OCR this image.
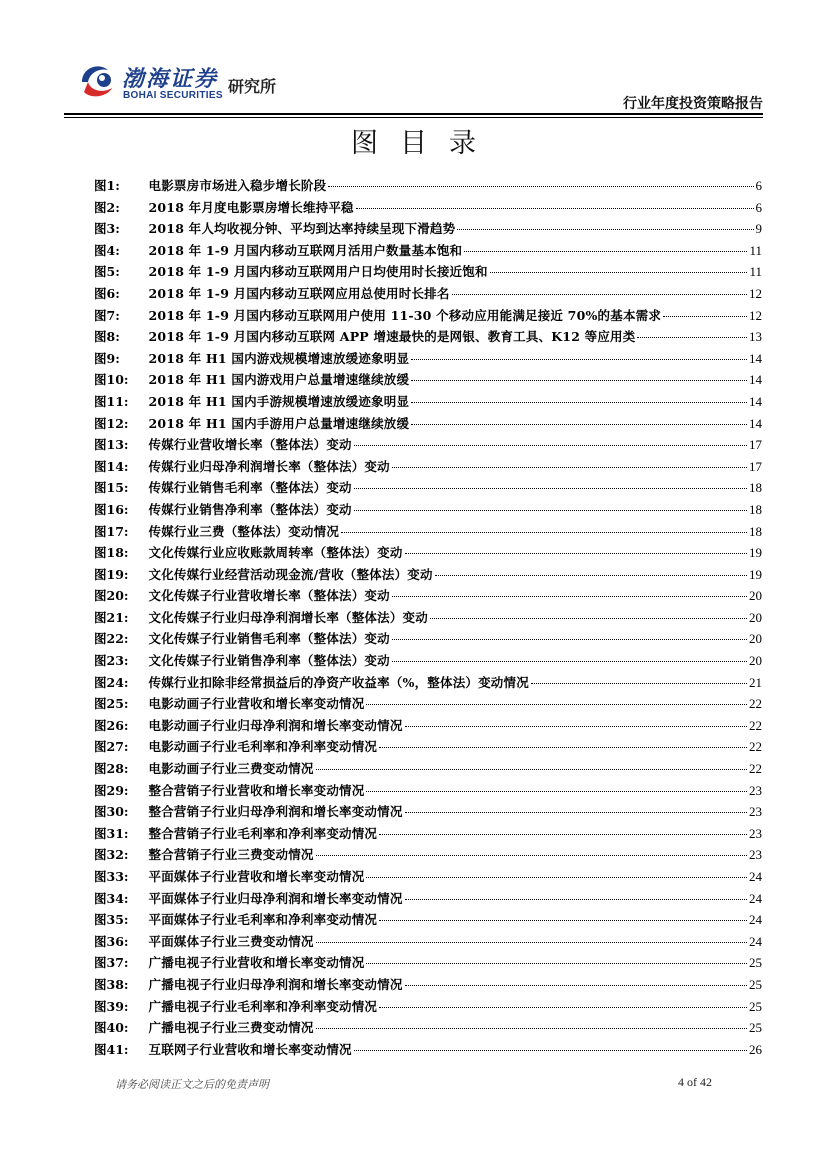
渤海证券
BOHAI SECURITIES 研究所
行业年度投资策略报告
图目录
图 1:	电影票房市场进入稳步增长阶段	6
图 2:	2018 年月度电影票房增长维持平稳	6
图 3:	2018 年人均收视分钟、平均到达率持续呈现下滑趋势	9
图 4:	2018 年 1-9 月国内移动互联网月活用户数量基本饱和	11
图 5:	2018 年 1-9 月国内移动互联网用户日均使用时长接近饱和	11
图 6:	2018 年 1-9 月国内移动互联网应用总使用时长排名	12
图 7:	2018 年 1-9 月国内移动互联网用户使用 11-30 个移动应用能满足接近 70%的基本需求	12
图 8:	2018 年 1-9 月国内移动互联网 APP 增速最快的是网银、教育工具、K12 等应用类	13
图 9:	2018 年 H1 国内游戏规模增速放缓迹象明显	14
图 10:	2018 年 H1 国内游戏用户总量增速继续放缓	14
图 11:	2018 年 H1 国内手游规模增速放缓迹象明显	14
图 12:	2018 年 H1 国内手游用户总量增速继续放缓	14
图 13:	传媒行业营收增长率（整体法）变动	17
图 14:	传媒行业归母净利润增长率（整体法）变动	17
图 15:	传媒行业销售毛利率（整体法）变动	18
图 16:	传媒行业销售净利率（整体法）变动	18
图 17:	传媒行业三费（整体法）变动情况	18
图 18:	文化传媒行业应收账款周转率（整体法）变动	19
图 19:	文化传媒行业经营活动现金流/营收（整体法）变动	19
图 20:	文化传媒子行业营收增长率（整体法）变动	20
图 21:	文化传媒子行业归母净利润增长率（整体法）变动	20
图 22:	文化传媒子行业销售毛利率（整体法）变动	20
图 23:	文化传媒子行业销售净利率（整体法）变动	20
图 24:	传媒行业扣除非经常损益后的净资产收益率（%，整体法）变动情况	21
图 25:	电影动画子行业营收和增长率变动情况	22
图 26:	电影动画子行业归母净利润和增长率变动情况	22
图 27:	电影动画子行业毛利率和净利率变动情况	22
图 28:	电影动画子行业三费变动情况	22
图 29:	整合营销子行业营收和增长率变动情况	23
图 30:	整合营销子行业归母净利润和增长率变动情况	23
图 31:	整合营销子行业毛利率和净利率变动情况	23
图 32:	整合营销子行业三费变动情况	23
图 33:	平面媒体子行业营收和增长率变动情况	24
图 34:	平面媒体子行业归母净利润和增长率变动情况	24
图 35:	平面媒体子行业毛利率和净利率变动情况	24
图 36:	平面媒体子行业三费变动情况	24
图 37:	广播电视子行业营收和增长率变动情况	25
图 38:	广播电视子行业归母净利润和增长率变动情况	25
图 39:	广播电视子行业毛利率和净利率变动情况	25
图 40:	广播电视子行业三费变动情况	25
图 41:	互联网子行业营收和增长率变动情况	26
请务必阅读正文之后的免责声明	4 of 42
